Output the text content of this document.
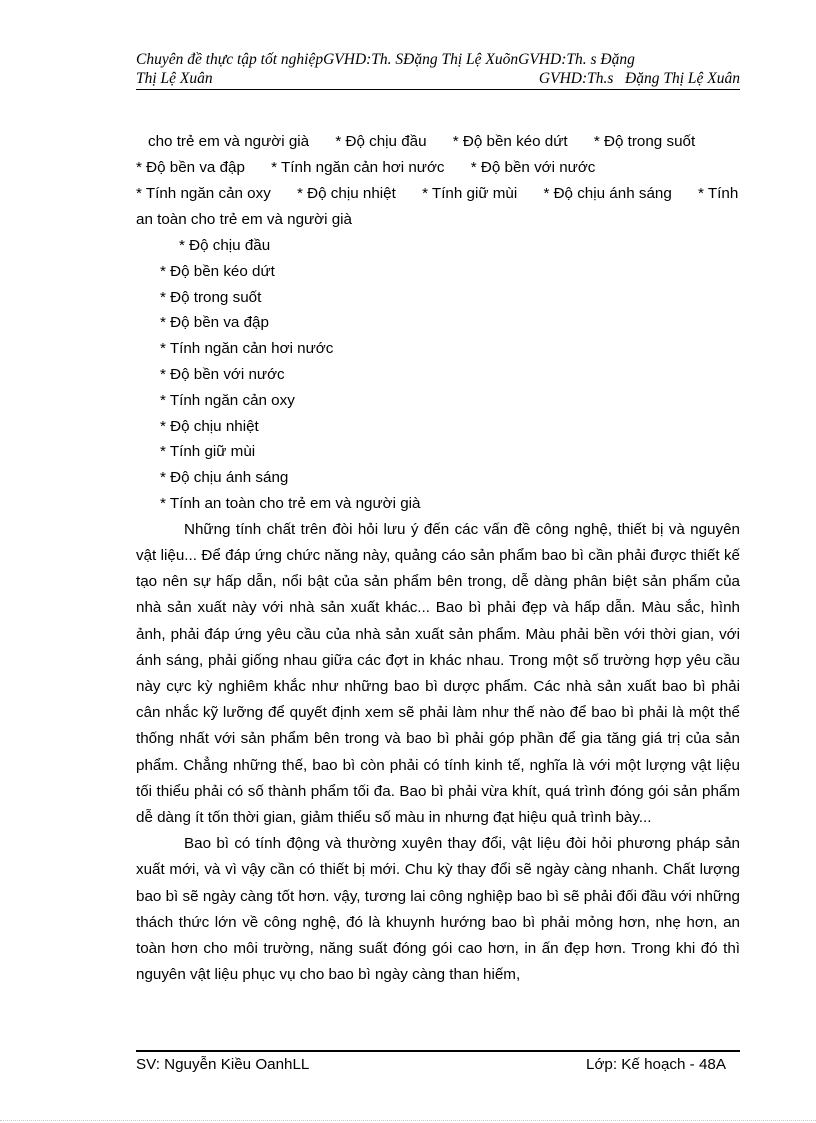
Chuyên đề thực tập tốt nghiệpGVHD:Th. SĐặng Thị Lệ XuõnGVHD:Th. s Đặng
Thị Lệ Xuân	GVHD:Th.s   Đặng Thị Lệ Xuân

cho trẻ em và người già * Độ chịu đầu * Độ bền kéo dứt * Độ trong suốt * Độ bền va đập * Tính ngăn cản hơi nước * Độ bền với nước * Tính ngăn cản oxy * Độ chịu nhiệt * Tính giữ mùi * Độ chịu ánh sáng * Tính an toàn cho trẻ em và người già

* Độ chịu đầu
* Độ bền kéo dứt
* Độ trong suốt
* Độ bền va đập
* Tính ngăn cản hơi nước
* Độ bền với nước
* Tính ngăn cản oxy
* Độ chịu nhiệt
* Tính giữ mùi
* Độ chịu ánh sáng
* Tính an toàn cho trẻ em và người già

Những tính chất trên đòi hỏi lưu ý đến các vấn đề công nghệ, thiết bị và nguyên vật liệu... Để đáp ứng chức năng này, quảng cáo sản phẩm bao bì cần phải được thiết kế tạo nên sự hấp dẫn, nổi bật của sản phẩm bên trong, dễ dàng phân biệt sản phẩm của nhà sản xuất này với nhà sản xuất khác... Bao bì phải đẹp và hấp dẫn. Màu sắc, hình ảnh, phải đáp ứng yêu cầu của nhà sản xuất sản phẩm. Màu phải bền với thời gian, với ánh sáng, phải giống nhau giữa các đợt in khác nhau. Trong một số trường hợp yêu cầu này cực kỳ nghiêm khắc như những bao bì dược phẩm. Các nhà sản xuất bao bì phải cân nhắc kỹ lưỡng để quyết định xem sẽ phải làm như thế nào để bao bì phải là một thể thống nhất với sản phẩm bên trong và bao bì phải góp phần để gia tăng giá trị của sản phẩm. Chẳng những thế, bao bì còn phải có tính kinh tế, nghĩa là với một lượng vật liệu tối thiểu phải có số thành phẩm tối đa. Bao bì phải vừa khít, quá trình đóng gói sản phẩm dễ dàng ít tốn thời gian, giảm thiểu số màu in nhưng đạt hiệu quả trình bày...

Bao bì có tính động và thường xuyên thay đổi, vật liệu đòi hỏi phương pháp sản xuất mới, và vì vậy cần có thiết bị mới. Chu kỳ thay đổi sẽ ngày càng nhanh. Chất lượng bao bì sẽ ngày càng tốt hơn. vậy, tương lai công nghiệp bao bì sẽ phải đối đầu với những thách thức lớn về công nghệ, đó là khuynh hướng bao bì phải mỏng hơn, nhẹ hơn, an toàn hơn cho môi trường, năng suất đóng gói cao hơn, in ấn đẹp hơn. Trong khi đó thì nguyên vật liệu phục vụ cho bao bì ngày càng than hiếm,

SV: Nguyễn Kiều OanhLL	Lớp: Kế hoạch - 48A
